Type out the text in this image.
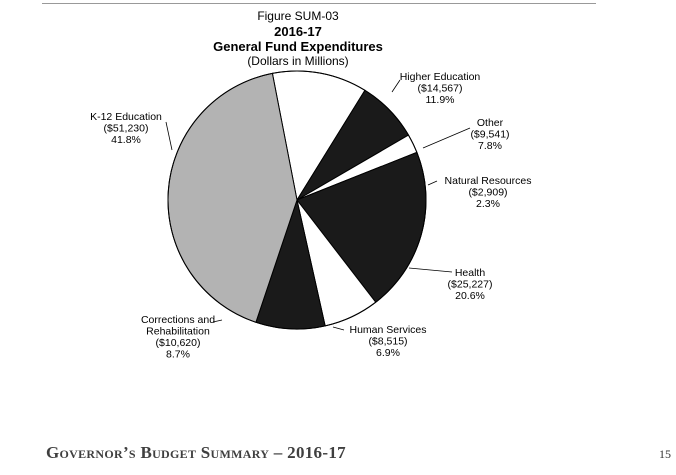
Figure SUM-03
2016-17
General Fund Expenditures
(Dollars in Millions)
Higher Education ($14,567) 11.9%
Other ($9,541) 7.8%
Natural Resources ($2,909) 2.3%
Health ($25,227) 20.6%
Human Services ($8,515) 6.9%
Corrections and Rehabilitation ($10,620) 8.7%
K-12 Education ($51,230) 41.8%
Governor’s Budget Summary – 2016-17	15
